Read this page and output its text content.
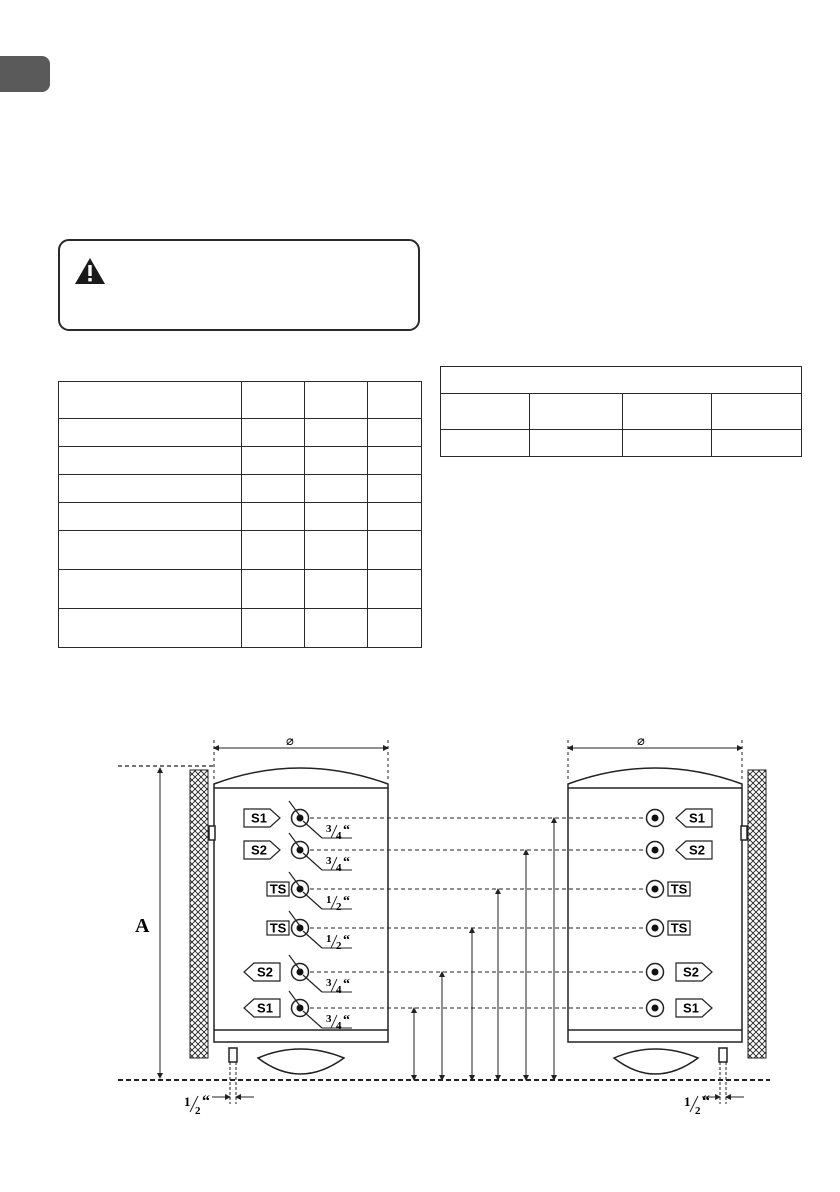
⌀	⌀
A
3
4 “
S1	S1
3
4 “
S2	S2
1
2 “
TS	TS
1
2 “
TS	TS
3
4 “
S2	S2
3
4 “
S1	S1
1
2
“	1
2
“
